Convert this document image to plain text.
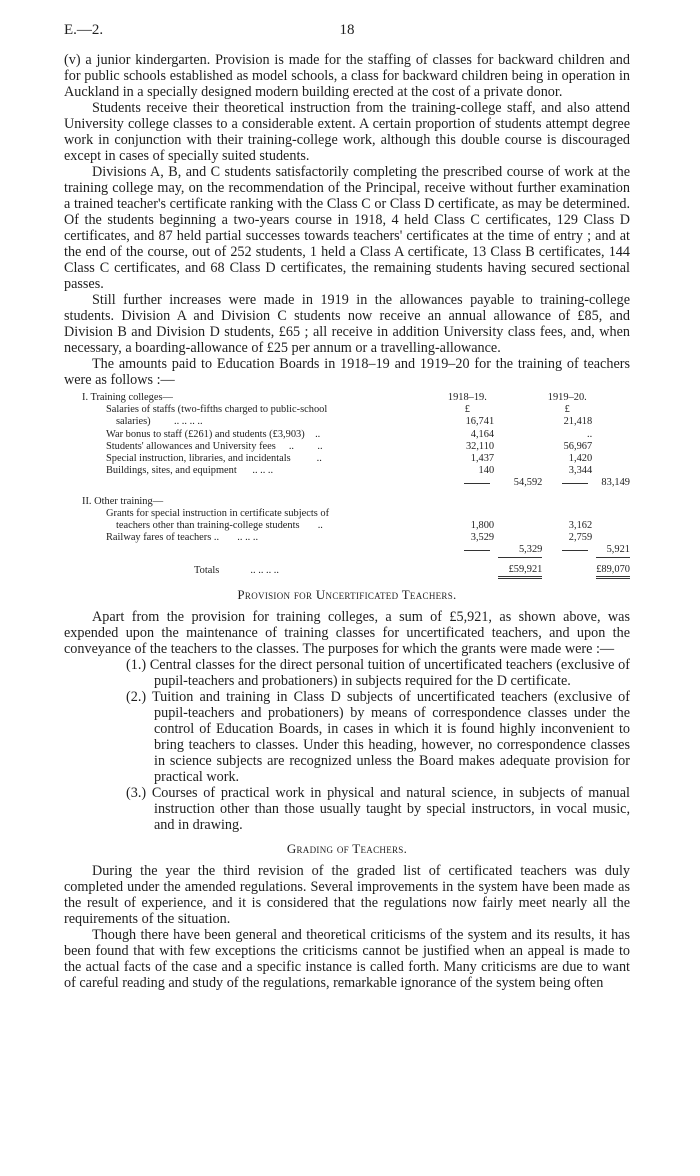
E.—2.	18

(v) a junior kindergarten. Provision is made for the staffing of classes for backward children and for public schools established as model schools, a class for backward children being in operation in Auckland in a specially designed modern building erected at the cost of a private donor.

Students receive their theoretical instruction from the training-college staff, and also attend University college classes to a considerable extent. A certain proportion of students attempt degree work in conjunction with their training-college work, although this double course is discouraged except in cases of specially suited students.

Divisions A, B, and C students satisfactorily completing the prescribed course of work at the training college may, on the recommendation of the Principal, receive without further examination a trained teacher's certificate ranking with the Class C or Class D certificate, as may be determined. Of the students beginning a two-years course in 1918, 4 held Class C certificates, 129 Class D certificates, and 87 held partial successes towards teachers' certificates at the time of entry ; and at the end of the course, out of 252 students, 1 held a Class A certificate, 13 Class B certificates, 144 Class C certificates, and 68 Class D certificates, the remaining students having secured sectional passes.

Still further increases were made in 1919 in the allowances payable to training-college students. Division A and Division C students now receive an annual allowance of £85, and Division B and Division D students, £65 ; all receive in addition University class fees, and, when necessary, a boarding-allowance of £25 per annum or a travelling-allowance.

The amounts paid to Education Boards in 1918–19 and 1919–20 for the training of teachers were as follows :—

I. Training colleges—	1918–19.		1919–20.	
Salaries of staffs (two-fifths charged to public-school	£		£	
salaries) .. .. .. ..	16,741		21,418	
War bonus to staff (£261) and students (£3,903) ..	4,164		..	
Students' allowances and University fees .. ..	32,110		56,967	
Special instruction, libraries, and incidentals ..	1,437		1,420	
Buildings, sites, and equipment .. .. ..	140		3,344	
		54,592		83,149

II. Other training—				
Grants for special instruction in certificate subjects of				
teachers other than training-college students ..	1,800		3,162	
Railway fares of teachers .. .. .. ..	3,529		2,759	
		5,329		5,921
Totals .. .. .. ..		£59,921		£89,070
Provision for Uncertificated Teachers.

Apart from the provision for training colleges, a sum of £5,921, as shown above, was expended upon the maintenance of training classes for uncertificated teachers, and upon the conveyance of the teachers to the classes. The purposes for which the grants were made were :—

(1.) Central classes for the direct personal tuition of uncertificated teachers (exclusive of pupil-teachers and probationers) in subjects required for the D certificate.

(2.) Tuition and training in Class D subjects of uncertificated teachers (exclusive of pupil-teachers and probationers) by means of correspondence classes under the control of Education Boards, in cases in which it is found highly inconvenient to bring teachers to classes. Under this heading, however, no correspondence classes in science subjects are recognized unless the Board makes adequate provision for practical work.

(3.) Courses of practical work in physical and natural science, in subjects of manual instruction other than those usually taught by special instructors, in vocal music, and in drawing.

Grading of Teachers.

During the year the third revision of the graded list of certificated teachers was duly completed under the amended regulations. Several improvements in the system have been made as the result of experience, and it is considered that the regulations now fairly meet nearly all the requirements of the situation.

Though there have been general and theoretical criticisms of the system and its results, it has been found that with few exceptions the criticisms cannot be justified when an appeal is made to the actual facts of the case and a specific instance is called forth. Many criticisms are due to want of careful reading and study of the regulations, remarkable ignorance of the system being often
